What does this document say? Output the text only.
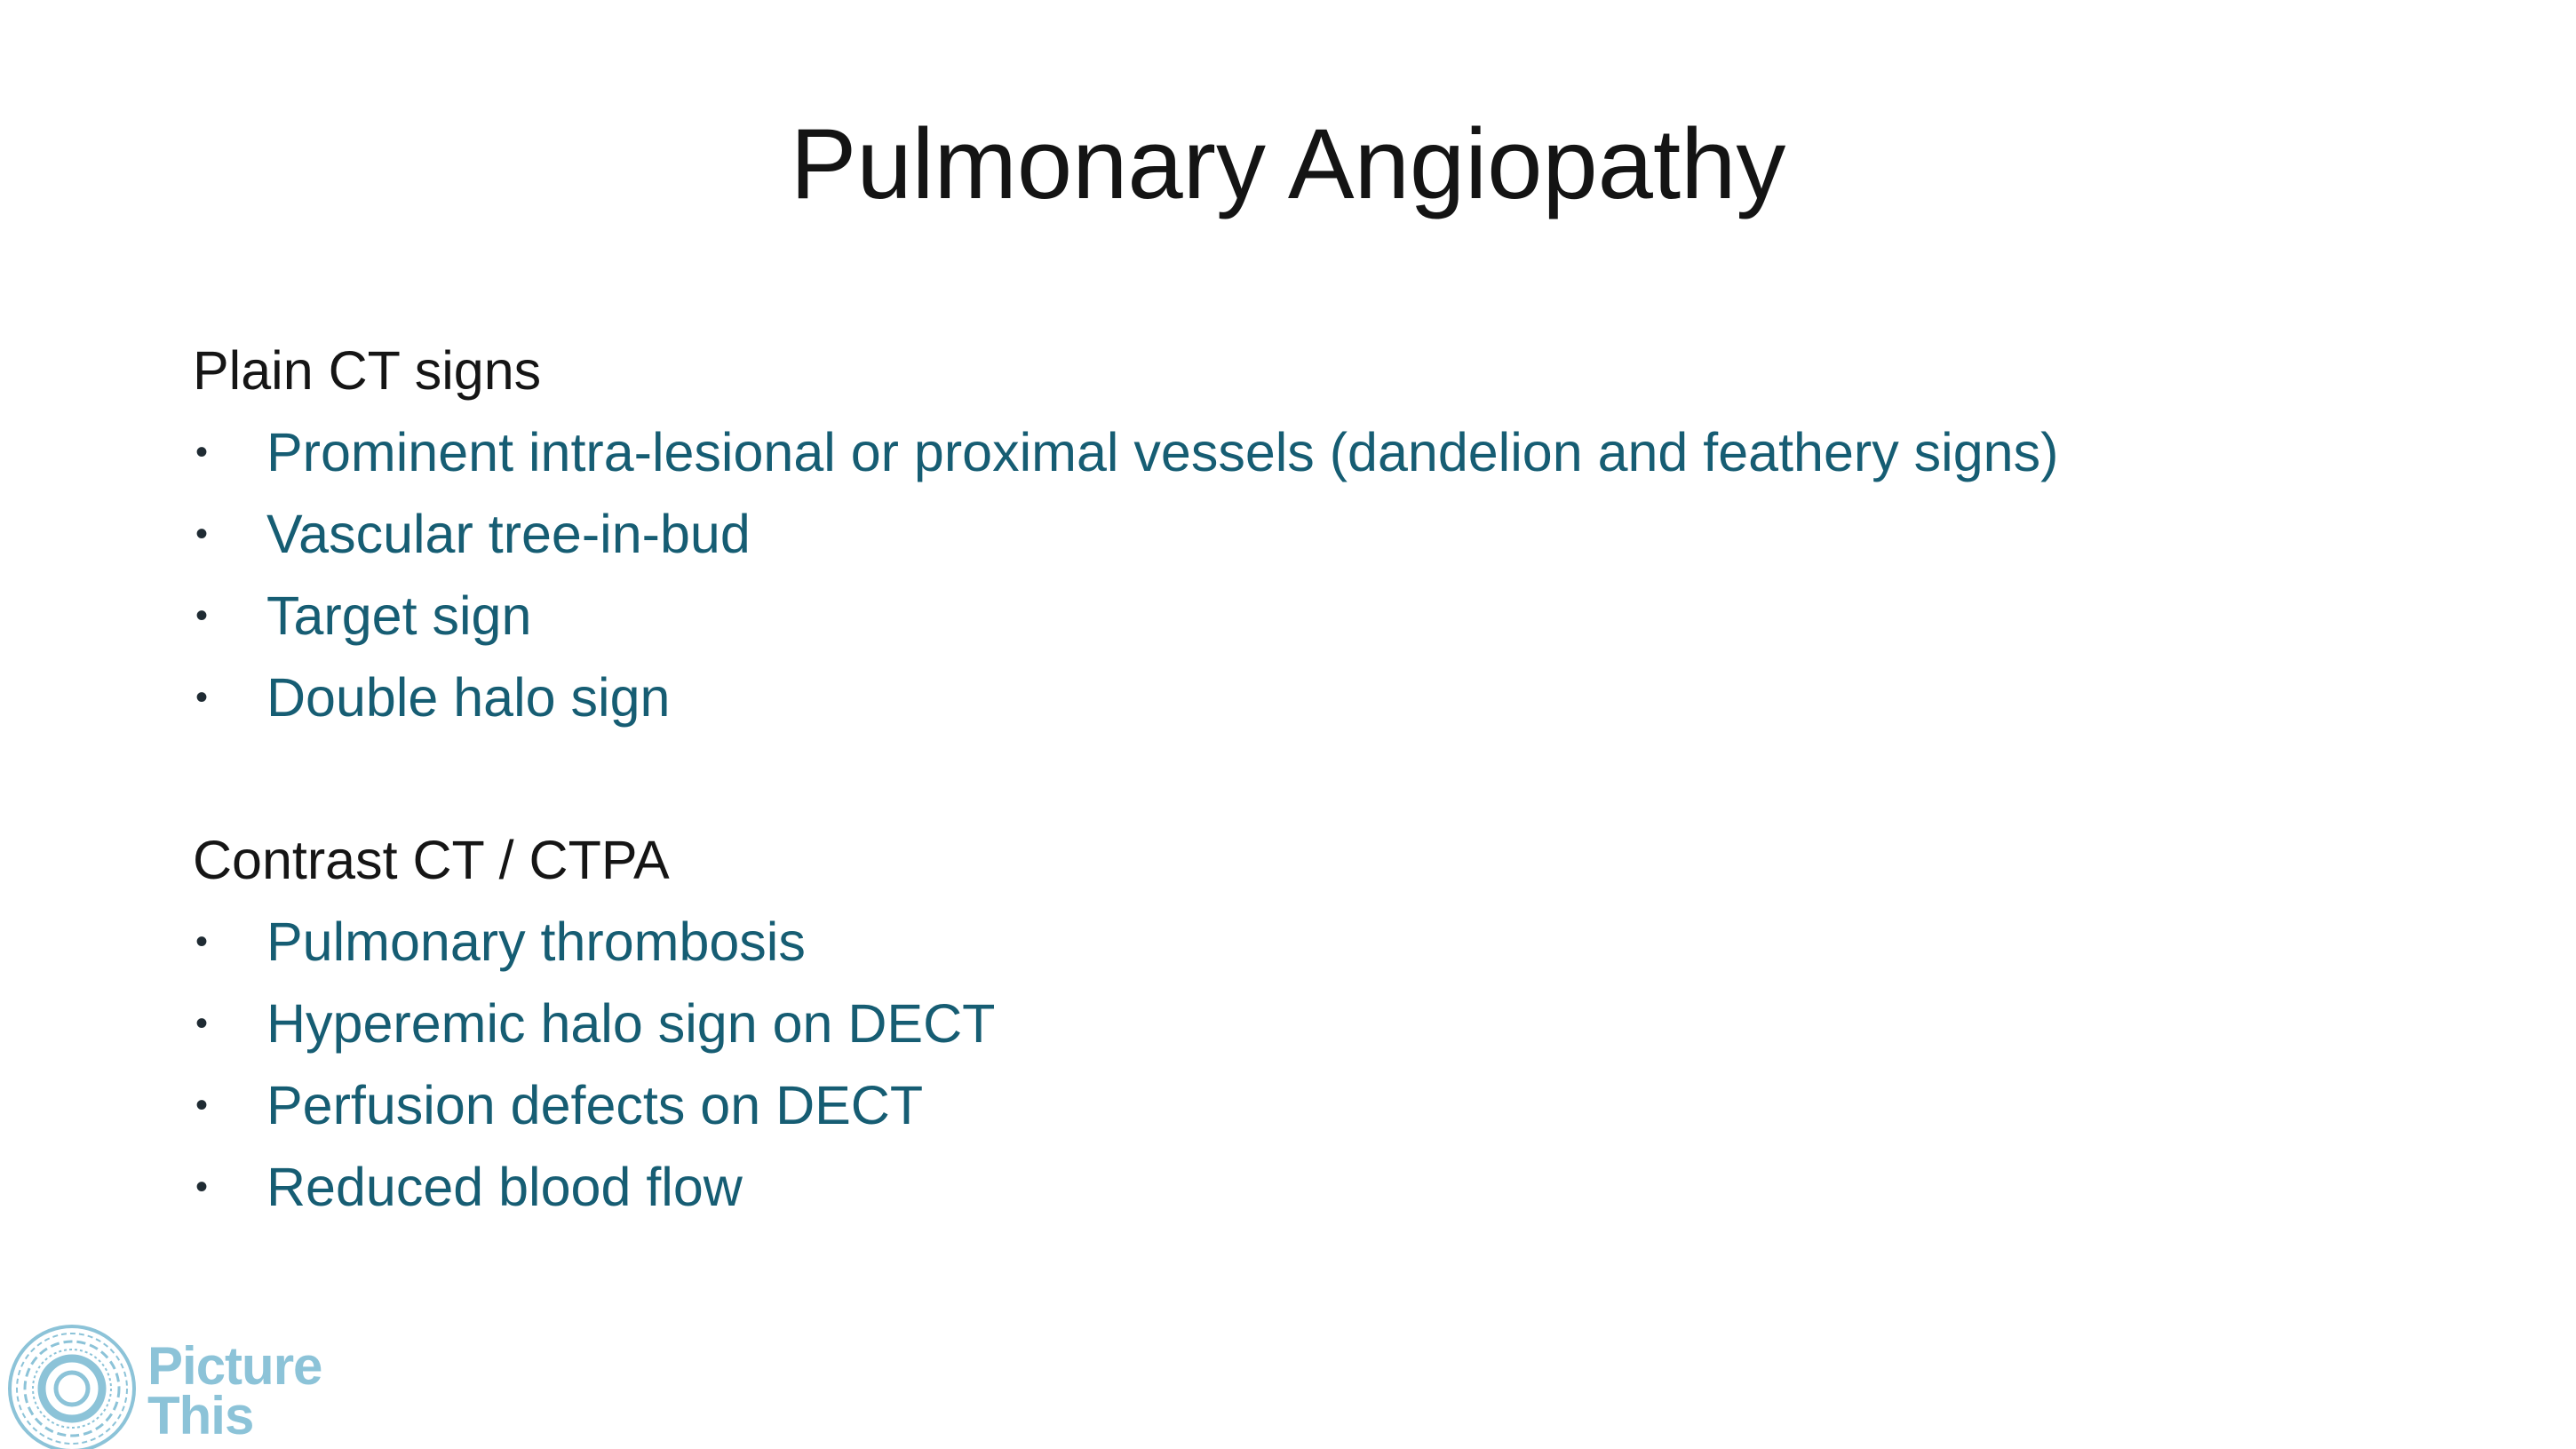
Pulmonary Angiopathy

Plain CT signs

• Prominent intra-lesional or proximal vessels (dandelion and feathery signs)
• Vascular tree-in-bud
• Target sign
• Double halo sign

Contrast CT / CTPA

• Pulmonary thrombosis
• Hyperemic halo sign on DECT
• Perfusion defects on DECT
• Reduced blood flow
Picture
This
